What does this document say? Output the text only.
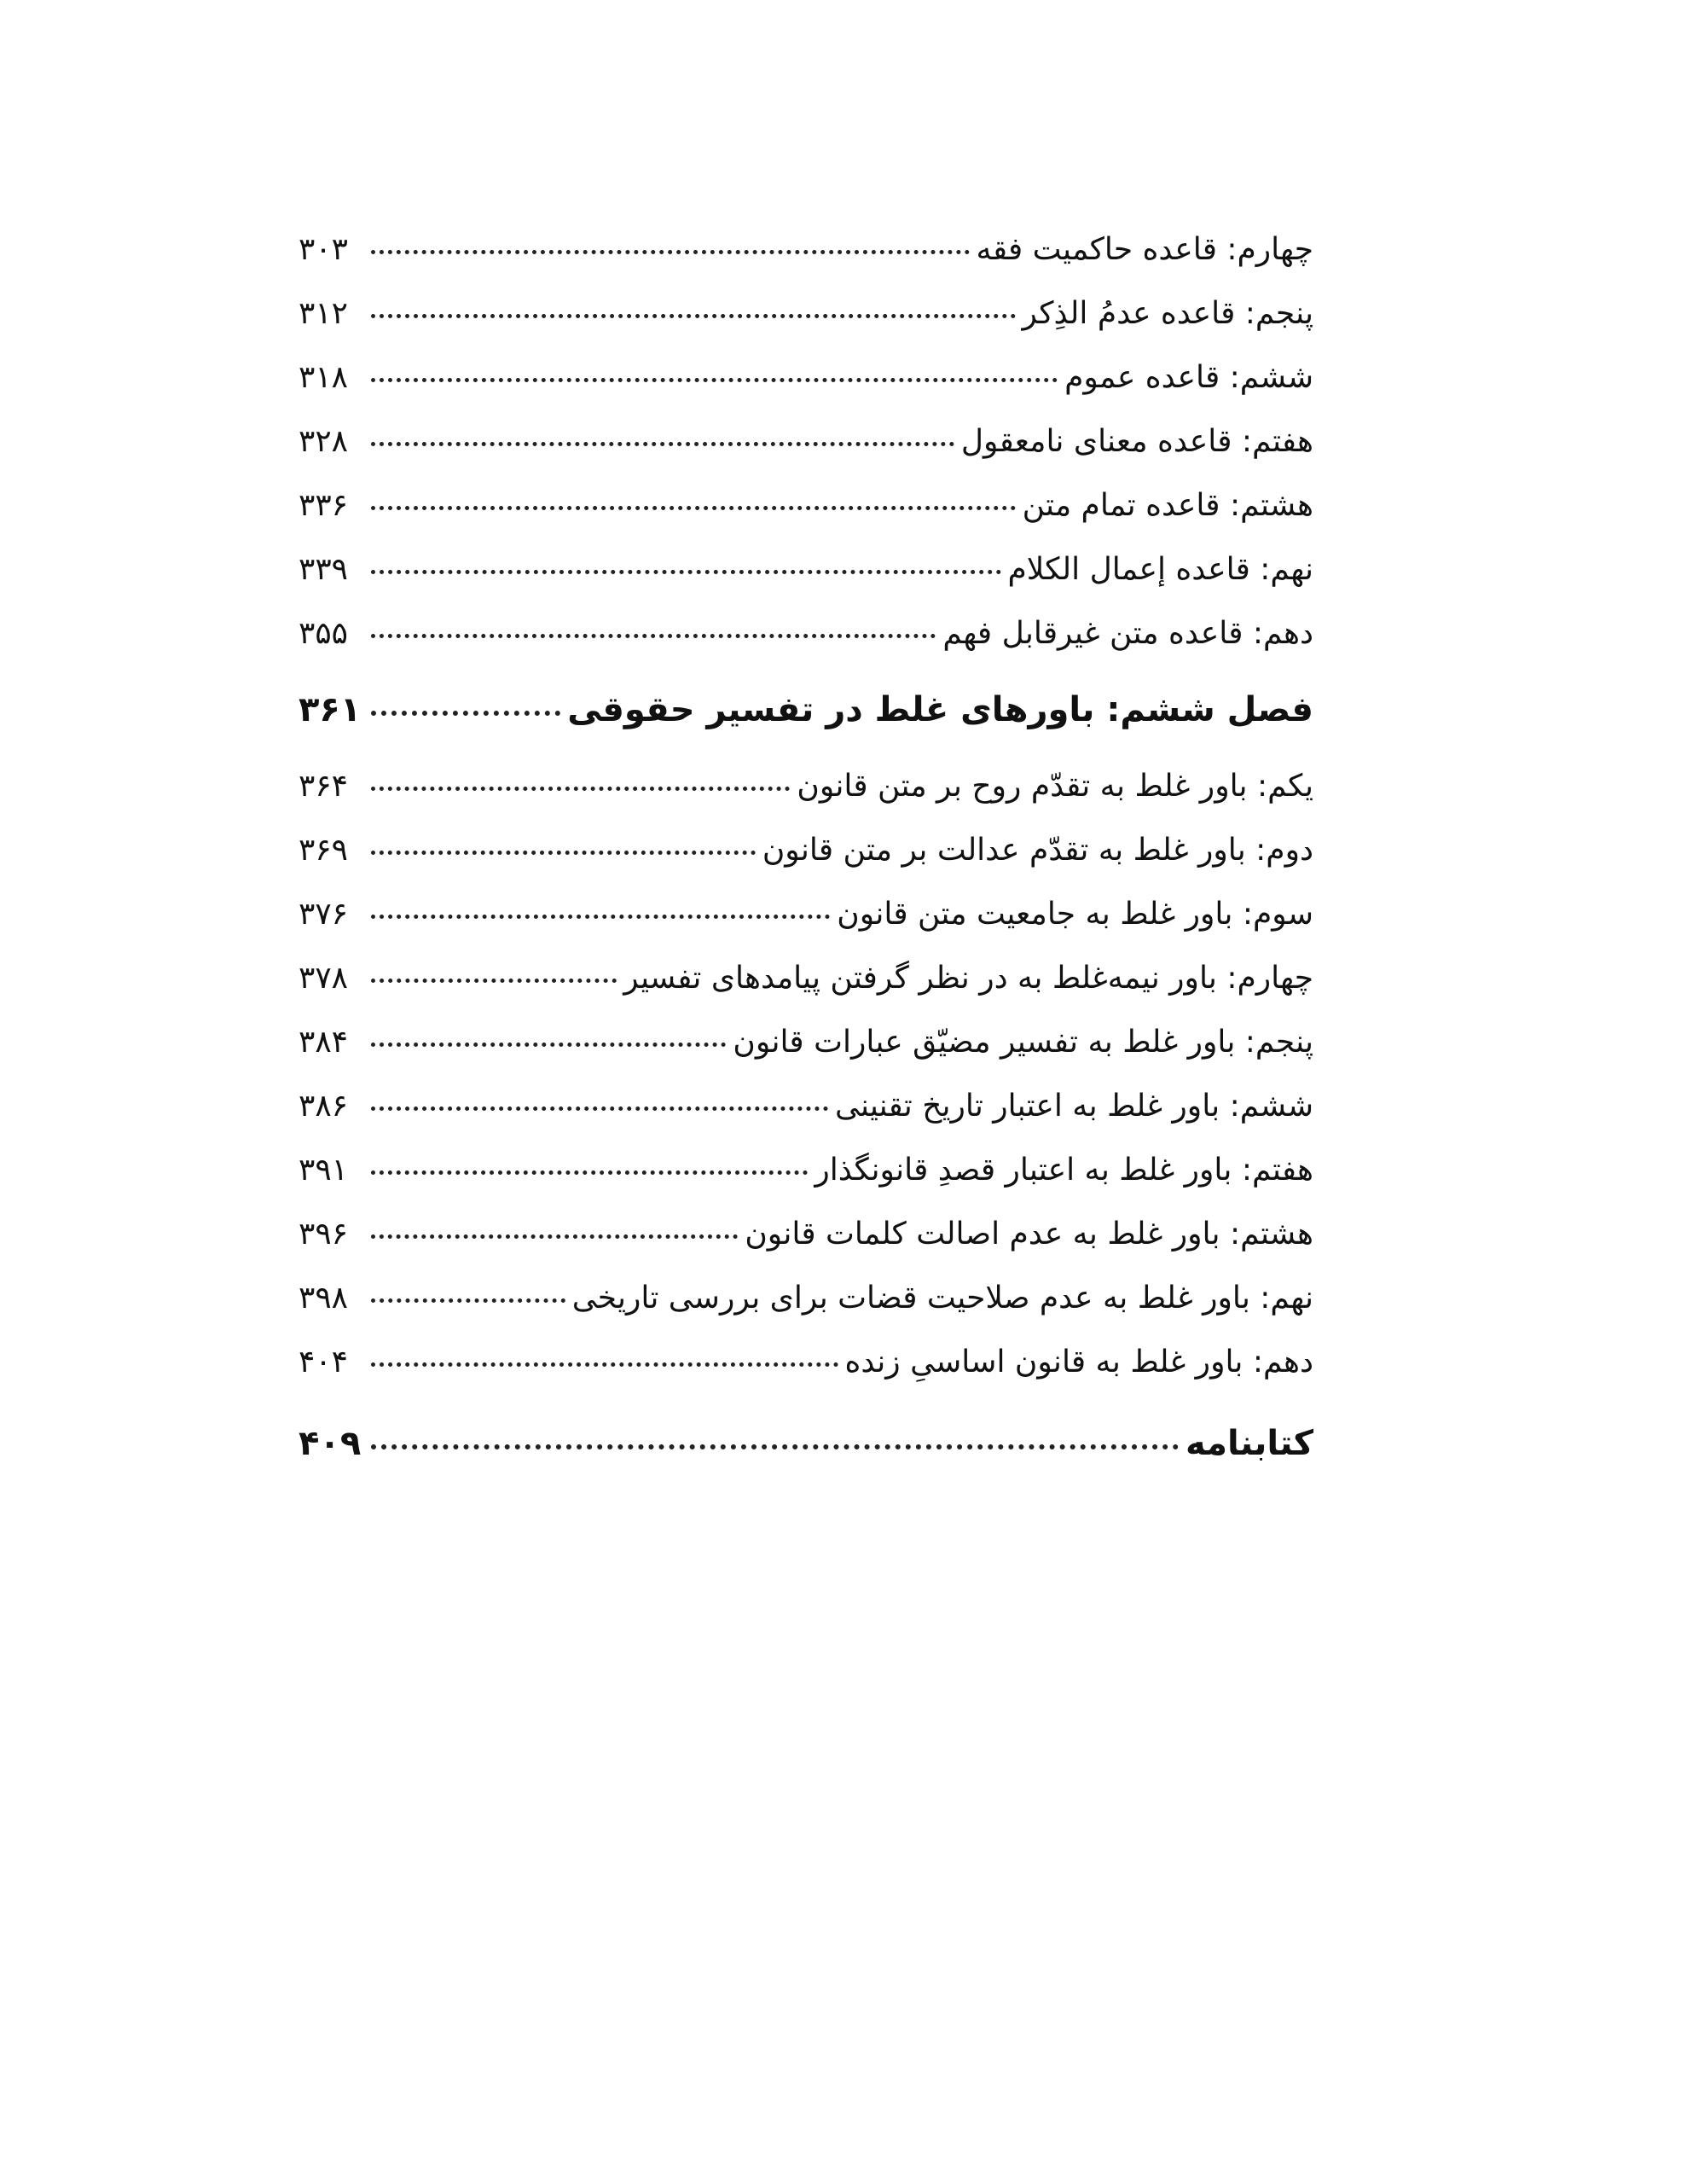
چهارم: قاعده حاکمیت فقه
۳۰۳
پنجم: قاعده عدمُ الذِکر
۳۱۲
ششم: قاعده عموم
۳۱۸
هفتم: قاعده معنای نامعقول
۳۲۸
هشتم: قاعده تمام متن
۳۳۶
نهم: قاعده إعمال الکلام
۳۳۹
دهم: قاعده متن غیرقابل فهم
۳۵۵
فصل ششم: باورهای غلط در تفسیر حقوقی
۳۶۱
یکم: باور غلط به تقدّم روح بر متن قانون
۳۶۴
دوم: باور غلط به تقدّم عدالت بر متن قانون
۳۶۹
سوم: باور غلط به جامعیت متن قانون
۳۷۶
چهارم: باور نیمه‌غلط به در نظر گرفتن پیامدهای تفسیر
۳۷۸
پنجم: باور غلط به تفسیر مضیّق عبارات قانون
۳۸۴
ششم: باور غلط به اعتبار تاریخ تقنینی
۳۸۶
هفتم: باور غلط به اعتبار قصدِ قانونگذار
۳۹۱
هشتم: باور غلط به عدم اصالت کلمات قانون
۳۹۶
نهم: باور غلط به عدم صلاحیت قضات برای بررسی تاریخی
۳۹۸
دهم: باور غلط به قانون اساسیِ زنده
۴۰۴
کتابنامه
۴۰۹
